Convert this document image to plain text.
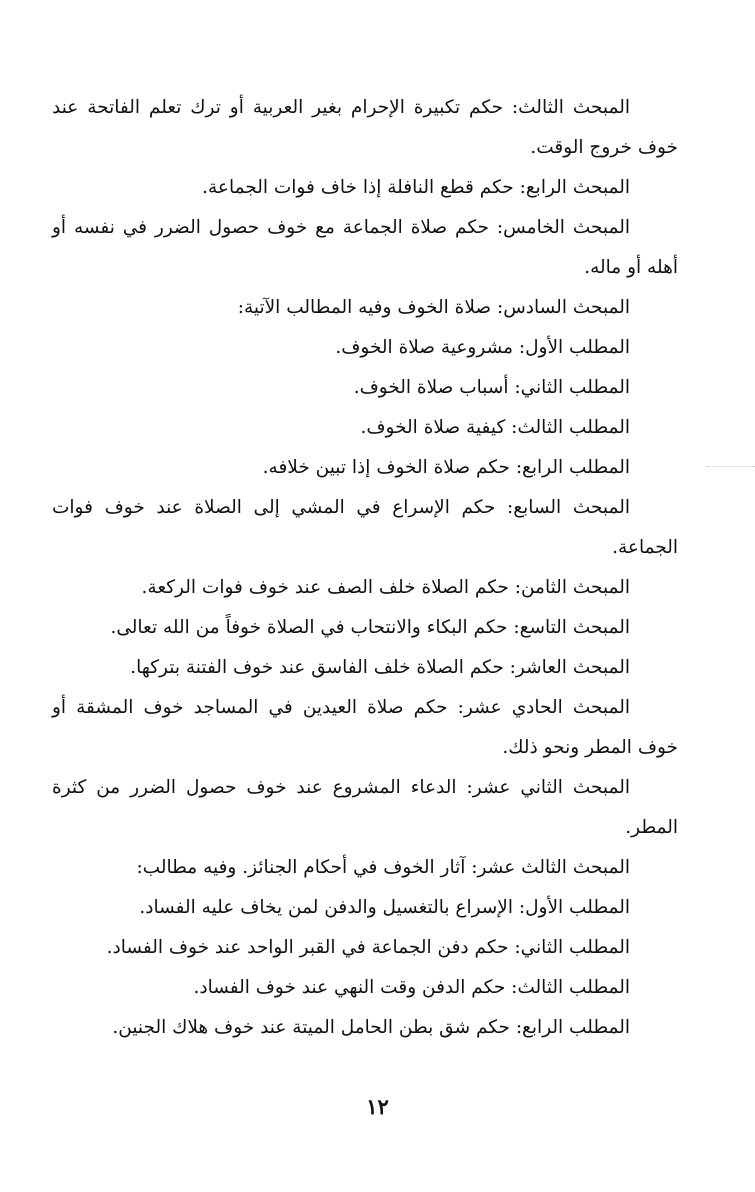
المبحث الثالث: حكم تكبيرة الإحرام بغير العربية أو ترك تعلم الفاتحة عند خوف خروج الوقت.

المبحث الرابع: حكم قطع النافلة إذا خاف فوات الجماعة.

المبحث الخامس: حكم صلاة الجماعة مع خوف حصول الضرر في نفسه أو أهله أو ماله.

المبحث السادس: صلاة الخوف وفيه المطالب الآتية:

المطلب الأول: مشروعية صلاة الخوف.

المطلب الثاني: أسباب صلاة الخوف.

المطلب الثالث: كيفية صلاة الخوف.

المطلب الرابع: حكم صلاة الخوف إذا تبين خلافه.

المبحث السابع: حكم الإسراع في المشي إلى الصلاة عند خوف فوات الجماعة.

المبحث الثامن: حكم الصلاة خلف الصف عند خوف فوات الركعة.

المبحث التاسع: حكم البكاء والانتحاب في الصلاة خوفاً من الله تعالى.

المبحث العاشر: حكم الصلاة خلف الفاسق عند خوف الفتنة بتركها.

المبحث الحادي عشر: حكم صلاة العيدين في المساجد خوف المشقة أو خوف المطر ونحو ذلك.

المبحث الثاني عشر: الدعاء المشروع عند خوف حصول الضرر من كثرة المطر.

المبحث الثالث عشر: آثار الخوف في أحكام الجنائز. وفيه مطالب:

المطلب الأول: الإسراع بالتغسيل والدفن لمن يخاف عليه الفساد.

المطلب الثاني: حكم دفن الجماعة في القبر الواحد عند خوف الفساد.

المطلب الثالث: حكم الدفن وقت النهي عند خوف الفساد.

المطلب الرابع: حكم شق بطن الحامل الميتة عند خوف هلاك الجنين.

١٢
